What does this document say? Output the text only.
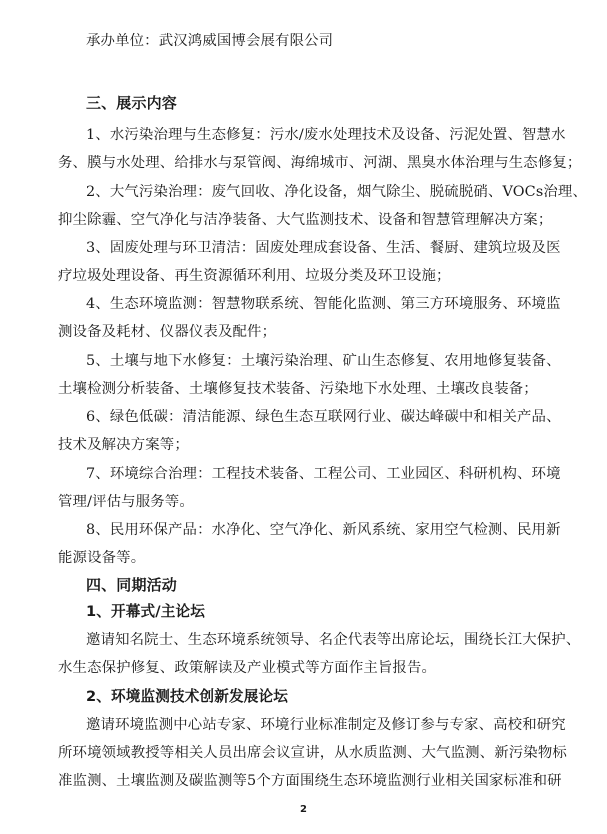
承办单位：武汉鸿威国博会展有限公司
三、展示内容
1、水污染治理与生态修复：污水/废水处理技术及设备、污泥处置、智慧水
务、膜与水处理、给排水与泵管阀、海绵城市、河湖、黑臭水体治理与生态修复；
2、大气污染治理：废气回收、净化设备，烟气除尘、脱硫脱硝、VOCs治理、
抑尘除霾、空气净化与洁净装备、大气监测技术、设备和智慧管理解决方案；
3、固废处理与环卫清洁：固废处理成套设备、生活、餐厨、建筑垃圾及医
疗垃圾处理设备、再生资源循环利用、垃圾分类及环卫设施；
4、生态环境监测：智慧物联系统、智能化监测、第三方环境服务、环境监
测设备及耗材、仪器仪表及配件；
5、土壤与地下水修复：土壤污染治理、矿山生态修复、农用地修复装备、
土壤检测分析装备、土壤修复技术装备、污染地下水处理、土壤改良装备；
6、绿色低碳：清洁能源、绿色生态互联网行业、碳达峰碳中和相关产品、
技术及解决方案等；
7、环境综合治理：工程技术装备、工程公司、工业园区、科研机构、环境
管理/评估与服务等。
8、民用环保产品：水净化、空气净化、新风系统、家用空气检测、民用新
能源设备等。
四、同期活动
1、开幕式/主论坛
邀请知名院士、生态环境系统领导、名企代表等出席论坛，围绕长江大保护、
水生态保护修复、政策解读及产业模式等方面作主旨报告。
2、环境监测技术创新发展论坛
邀请环境监测中心站专家、环境行业标准制定及修订参与专家、高校和研究
所环境领域教授等相关人员出席会议宣讲，从水质监测、大气监测、新污染物标
准监测、土壤监测及碳监测等5个方面围绕生态环境监测行业相关国家标准和研
2
